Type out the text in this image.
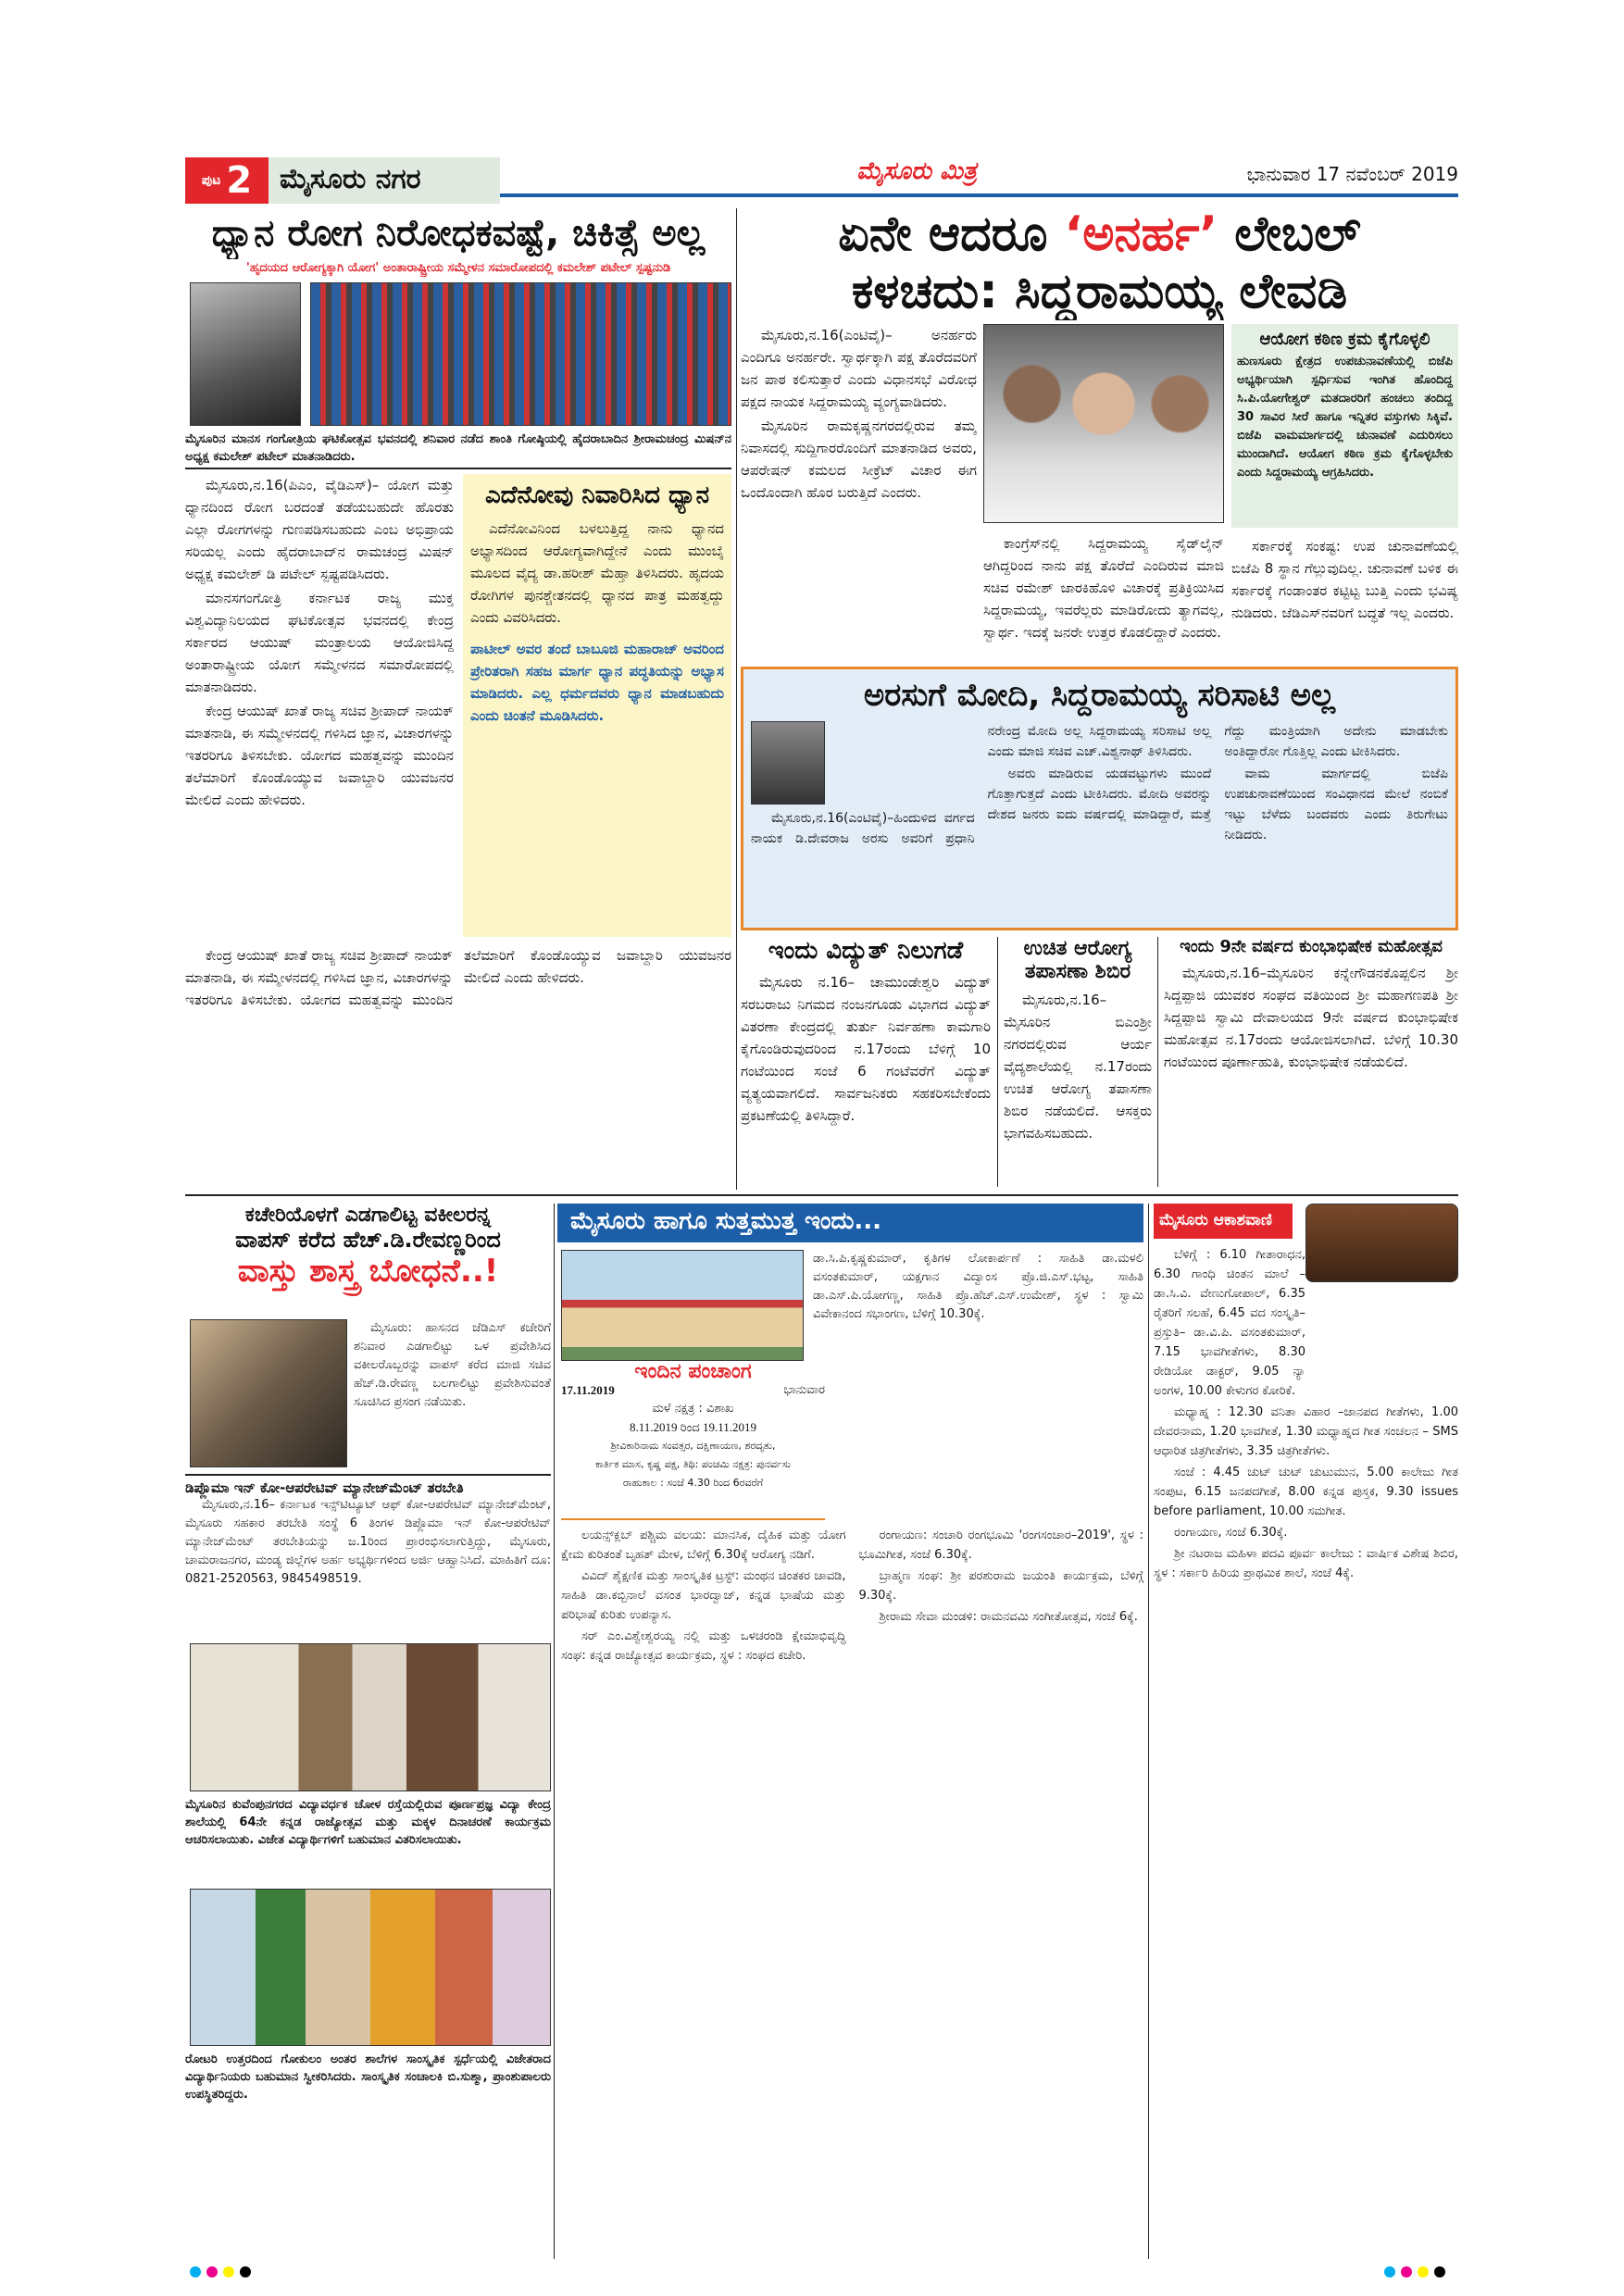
ಪುಟ 2 ಮೈಸೂರು ನಗರ	ಮೈಸೂರು ಮಿತ್ರ	ಭಾನುವಾರ 17 ನವೆಂಬರ್ 2019
ಧ್ಯಾನ ರೋಗ ನಿರೋಧಕವಷ್ಟೆ, ಚಿಕಿತ್ಸೆ ಅಲ್ಲ
'ಹೃದಯದ ಆರೋಗ್ಯಕ್ಕಾಗಿ ಯೋಗ' ಅಂತಾರಾಷ್ಟ್ರೀಯ ಸಮ್ಮೇಳನ ಸಮಾರೋಪದಲ್ಲಿ ಕಮಲೇಶ್ ಪಟೇಲ್ ಸ್ಪಷ್ಟನುಡಿ
ಮೈಸೂರಿನ ಮಾನಸ ಗಂಗೋತ್ರಿಯ ಘಟಿಕೋತ್ಸವ ಭವನದಲ್ಲಿ ಶನಿವಾರ ನಡೆದ ಶಾಂತಿ ಗೋಷ್ಠಿಯಲ್ಲಿ ಹೈದರಾಬಾದಿನ ಶ್ರೀರಾಮಚಂದ್ರ ಮಿಷನ್‌ನ ಅಧ್ಯಕ್ಷ ಕಮಲೇಶ್ ಪಟೇಲ್ ಮಾತನಾಡಿದರು.

ಮೈಸೂರು,ನ.16(ಪಿಎಂ, ವೈಡಿಎಸ್)– ಯೋಗ ಮತ್ತು ಧ್ಯಾನದಿಂದ ರೋಗ ಬರದಂತೆ ತಡೆಯಬಹುದೇ ಹೊರತು ಎಲ್ಲಾ ರೋಗಗಳನ್ನು ಗುಣಪಡಿಸಬಹುದು ಎಂಬ ಅಭಿಪ್ರಾಯ ಸರಿಯಲ್ಲ ಎಂದು ಹೈದರಾಬಾದ್‌ನ ರಾಮಚಂದ್ರ ಮಿಷನ್ ಅಧ್ಯಕ್ಷ ಕಮಲೇಶ್ ಡಿ ಪಟೇಲ್ ಸ್ಪಷ್ಟಪಡಿಸಿದರು.

ಮಾನಸಗಂಗೋತ್ರಿ ಕರ್ನಾಟಕ ರಾಜ್ಯ ಮುಕ್ತ ವಿಶ್ವವಿದ್ಯಾನಿಲಯದ ಘಟಿಕೋತ್ಸವ ಭವನದಲ್ಲಿ ಕೇಂದ್ರ ಸರ್ಕಾರದ ಆಯುಷ್ ಮಂತ್ರಾಲಯ ಆಯೋಜಿಸಿದ್ದ ಅಂತಾರಾಷ್ಟ್ರೀಯ ಯೋಗ ಸಮ್ಮೇಳನದ ಸಮಾರೋಪದಲ್ಲಿ ಮಾತನಾಡಿದರು.

ಕೇಂದ್ರ ಆಯುಷ್ ಖಾತೆ ರಾಜ್ಯ ಸಚಿವ ಶ್ರೀಪಾದ್ ನಾಯಕ್ ಮಾತನಾಡಿ, ಈ ಸಮ್ಮೇಳನದಲ್ಲಿ ಗಳಿಸಿದ ಜ್ಞಾನ, ವಿಚಾರಗಳನ್ನು ಇತರರಿಗೂ ತಿಳಿಸಬೇಕು. ಯೋಗದ ಮಹತ್ವವನ್ನು ಮುಂದಿನ ತಲೆಮಾರಿಗೆ ಕೊಂಡೊಯ್ಯುವ ಜವಾಬ್ದಾರಿ ಯುವಜನರ ಮೇಲಿದೆ ಎಂದು ಹೇಳಿದರು.

ಎದೆನೋವು ನಿವಾರಿಸಿದ ಧ್ಯಾನ
ಎದೆನೋವಿನಿಂದ ಬಳಲುತ್ತಿದ್ದ ನಾನು ಧ್ಯಾನದ ಅಭ್ಯಾಸದಿಂದ ಆರೋಗ್ಯವಾಗಿದ್ದೇನೆ ಎಂದು ಮುಂಬೈ ಮೂಲದ ವೈದ್ಯ ಡಾ.ಹರೀಶ್ ಮೆಹ್ತಾ ತಿಳಿಸಿದರು. ಹೃದಯ ರೋಗಿಗಳ ಪುನಶ್ಚೇತನದಲ್ಲಿ ಧ್ಯಾನದ ಪಾತ್ರ ಮಹತ್ವದ್ದು ಎಂದು ವಿವರಿಸಿದರು.
ಪಾಟೀಲ್ ಅವರ ತಂದೆ ಬಾಬೂಜಿ ಮಹಾರಾಜ್ ಅವರಿಂದ ಪ್ರೇರಿತರಾಗಿ ಸಹಜ ಮಾರ್ಗ ಧ್ಯಾನ ಪದ್ಧತಿಯನ್ನು ಅಭ್ಯಾಸ ಮಾಡಿದರು. ಎಲ್ಲ ಧರ್ಮದವರು ಧ್ಯಾನ ಮಾಡಬಹುದು ಎಂದು ಚಿಂತನೆ ಮೂಡಿಸಿದರು.
ಕೇಂದ್ರ ಆಯುಷ್ ಖಾತೆ ರಾಜ್ಯ ಸಚಿವ ಶ್ರೀಪಾದ್ ನಾಯಕ್ ಮಾತನಾಡಿ, ಈ ಸಮ್ಮೇಳನದಲ್ಲಿ ಗಳಿಸಿದ ಜ್ಞಾನ, ವಿಚಾರಗಳನ್ನು ಇತರರಿಗೂ ತಿಳಿಸಬೇಕು. ಯೋಗದ ಮಹತ್ವವನ್ನು ಮುಂದಿನ ತಲೆಮಾರಿಗೆ ಕೊಂಡೊಯ್ಯುವ ಜವಾಬ್ದಾರಿ ಯುವಜನರ ಮೇಲಿದೆ ಎಂದು ಹೇಳಿದರು.
ಏನೇ ಆದರೂ ‘ಅನರ್ಹ’ ಲೇಬಲ್
ಕಳಚದು: ಸಿದ್ದರಾಮಯ್ಯ ಲೇವಡಿ

ಮೈಸೂರು,ನ.16(ಎಂಟಿವೈ)– ಅನರ್ಹರು ಎಂದಿಗೂ ಅನರ್ಹರೇ. ಸ್ವಾರ್ಥಕ್ಕಾಗಿ ಪಕ್ಷ ತೊರೆದವರಿಗೆ ಜನ ಪಾಠ ಕಲಿಸುತ್ತಾರೆ ಎಂದು ವಿಧಾನಸಭೆ ವಿರೋಧ ಪಕ್ಷದ ನಾಯಕ ಸಿದ್ದರಾಮಯ್ಯ ವ್ಯಂಗ್ಯವಾಡಿದರು.

ಮೈಸೂರಿನ ರಾಮಕೃಷ್ಣನಗರದಲ್ಲಿರುವ ತಮ್ಮ ನಿವಾಸದಲ್ಲಿ ಸುದ್ದಿಗಾರರೊಂದಿಗೆ ಮಾತನಾಡಿದ ಅವರು, ಆಪರೇಷನ್ ಕಮಲದ ಸೀಕ್ರೆಟ್ ವಿಚಾರ ಈಗ ಒಂದೊಂದಾಗಿ ಹೊರ ಬರುತ್ತಿದೆ ಎಂದರು.

ಆಯೋಗ ಕಠಿಣ ಕ್ರಮ ಕೈಗೊಳ್ಳಲಿ
ಹುಣಸೂರು ಕ್ಷೇತ್ರದ ಉಪಚುನಾವಣೆಯಲ್ಲಿ ಬಿಜೆಪಿ ಅಭ್ಯರ್ಥಿಯಾಗಿ ಸ್ಪರ್ಧಿಸುವ ಇಂಗಿತ ಹೊಂದಿದ್ದ ಸಿ.ಪಿ.ಯೋಗೇಶ್ವರ್ ಮತದಾರರಿಗೆ ಹಂಚಲು ತಂದಿದ್ದ 30 ಸಾವಿರ ಸೀರೆ ಹಾಗೂ ಇನ್ನಿತರ ವಸ್ತುಗಳು ಸಿಕ್ಕಿವೆ. ಬಿಜೆಪಿ ವಾಮಮಾರ್ಗದಲ್ಲಿ ಚುನಾವಣೆ ಎದುರಿಸಲು ಮುಂದಾಗಿದೆ. ಆಯೋಗ ಕಠಿಣ ಕ್ರಮ ಕೈಗೊಳ್ಳಬೇಕು ಎಂದು ಸಿದ್ದರಾಮಯ್ಯ ಆಗ್ರಹಿಸಿದರು.
ಕಾಂಗ್ರೆಸ್‌ನಲ್ಲಿ ಸಿದ್ದರಾಮಯ್ಯ ಸೈಡ್‌ಲೈನ್ ಆಗಿದ್ದರಿಂದ ನಾನು ಪಕ್ಷ ತೊರೆದೆ ಎಂದಿರುವ ಮಾಜಿ ಸಚಿವ ರಮೇಶ್ ಜಾರಕಿಹೊಳಿ ವಿಚಾರಕ್ಕೆ ಪ್ರತಿಕ್ರಿಯಿಸಿದ ಸಿದ್ದರಾಮಯ್ಯ, ಇವರೆಲ್ಲರು ಮಾಡಿರೋದು ತ್ಯಾಗವಲ್ಲ, ಸ್ವಾರ್ಥ. ಇದಕ್ಕೆ ಜನರೇ ಉತ್ತರ ಕೊಡಲಿದ್ದಾರೆ ಎಂದರು.
ಸರ್ಕಾರಕ್ಕೆ ಸಂಕಷ್ಟ: ಉಪ ಚುನಾವಣೆಯಲ್ಲಿ ಬಿಜೆಪಿ 8 ಸ್ಥಾನ ಗೆಲ್ಲುವುದಿಲ್ಲ. ಚುನಾವಣೆ ಬಳಿಕ ಈ ಸರ್ಕಾರಕ್ಕೆ ಗಂಡಾಂತರ ಕಟ್ಟಿಟ್ಟ ಬುತ್ತಿ ಎಂದು ಭವಿಷ್ಯ ನುಡಿದರು. ಜೆಡಿಎಸ್‌ನವರಿಗೆ ಬದ್ಧತೆ ಇಲ್ಲ ಎಂದರು.
ಅರಸುಗೆ ಮೋದಿ, ಸಿದ್ದರಾಮಯ್ಯ ಸರಿಸಾಟಿ ಅಲ್ಲ

ಮೈಸೂರು,ನ.16(ಎಂಟಿವೈ)–ಹಿಂದುಳಿದ ವರ್ಗದ ನಾಯಕ ಡಿ.ದೇವರಾಜ ಅರಸು ಅವರಿಗೆ ಪ್ರಧಾನಿ ನರೇಂದ್ರ ಮೋದಿ ಅಲ್ಲ ಸಿದ್ದರಾಮಯ್ಯ ಸರಿಸಾಟಿ ಅಲ್ಲ ಎಂದು ಮಾಜಿ ಸಚಿವ ಎಚ್.ವಿಶ್ವನಾಥ್ ತಿಳಿಸಿದರು.

ಅವರು ಮಾಡಿರುವ ಯಡವಟ್ಟುಗಳು ಮುಂದೆ ಗೊತ್ತಾಗುತ್ತದೆ ಎಂದು ಟೀಕಿಸಿದರು. ಮೋದಿ ಅವರನ್ನು ದೇಶದ ಜನರು ಐದು ವರ್ಷದಲ್ಲಿ ಮಾಡಿದ್ದಾರೆ, ಮತ್ತೆ ಗೆದ್ದು ಮಂತ್ರಿಯಾಗಿ ಅದೇನು ಮಾಡಬೇಕು ಅಂತಿದ್ದಾರೋ ಗೊತ್ತಿಲ್ಲ ಎಂದು ಟೀಕಿಸಿದರು.

ವಾಮ ಮಾರ್ಗದಲ್ಲಿ ಬಿಜೆಪಿ ಉಪಚುನಾವಣೆಯಿಂದ ಸಂವಿಧಾನದ ಮೇಲೆ ನಂಬಿಕೆ ಇಟ್ಟು ಬೆಳೆದು ಬಂದವರು ಎಂದು ತಿರುಗೇಟು ನೀಡಿದರು.

ಇಂದು ವಿದ್ಯುತ್ ನಿಲುಗಡೆ
ಮೈಸೂರು ನ.16– ಚಾಮುಂಡೇಶ್ವರಿ ವಿದ್ಯುತ್ ಸರಬರಾಜು ನಿಗಮದ ನಂಜನಗೂಡು ವಿಭಾಗದ ವಿದ್ಯುತ್ ವಿತರಣಾ ಕೇಂದ್ರದಲ್ಲಿ ತುರ್ತು ನಿರ್ವಹಣಾ ಕಾಮಗಾರಿ ಕೈಗೊಂಡಿರುವುದರಿಂದ ನ.17ರಂದು ಬೆಳಿಗ್ಗೆ 10 ಗಂಟೆಯಿಂದ ಸಂಜೆ 6 ಗಂಟೆವರೆಗೆ ವಿದ್ಯುತ್ ವ್ಯತ್ಯಯವಾಗಲಿದೆ. ಸಾರ್ವಜನಿಕರು ಸಹಕರಿಸಬೇಕೆಂದು ಪ್ರಕಟಣೆಯಲ್ಲಿ ತಿಳಿಸಿದ್ದಾರೆ.
ಉಚಿತ ಆರೋಗ್ಯ ತಪಾಸಣಾ ಶಿಬಿರ
ಮೈಸೂರು,ನ.16–ಮೈಸೂರಿನ ಬಿಎಂಶ್ರೀ ನಗರದಲ್ಲಿರುವ ಆರ್ಯ ವೈದ್ಯಶಾಲೆಯಲ್ಲಿ ನ.17ರಂದು ಉಚಿತ ಆರೋಗ್ಯ ತಪಾಸಣಾ ಶಿಬಿರ ನಡೆಯಲಿದೆ. ಆಸಕ್ತರು ಭಾಗವಹಿಸಬಹುದು.
ಇಂದು 9ನೇ ವರ್ಷದ ಕುಂಭಾಭಿಷೇಕ ಮಹೋತ್ಸವ
ಮೈಸೂರು,ನ.16–ಮೈಸೂರಿನ ಕನ್ನೇಗೌಡನಕೊಪ್ಪಲಿನ ಶ್ರೀ ಸಿದ್ದಪ್ಪಾಜಿ ಯುವಕರ ಸಂಘದ ವತಿಯಿಂದ ಶ್ರೀ ಮಹಾಗಣಪತಿ ಶ್ರೀ ಸಿದ್ದಪ್ಪಾಜಿ ಸ್ವಾಮಿ ದೇವಾಲಯದ 9ನೇ ವರ್ಷದ ಕುಂಭಾಭಿಷೇಕ ಮಹೋತ್ಸವ ನ.17ರಂದು ಆಯೋಜಿಸಲಾಗಿದೆ. ಬೆಳಿಗ್ಗೆ 10.30 ಗಂಟೆಯಿಂದ ಪೂರ್ಣಾಹುತಿ, ಕುಂಭಾಭಿಷೇಕ ನಡೆಯಲಿದೆ.
ಕಚೇರಿಯೊಳಗೆ ಎಡಗಾಲಿಟ್ಟ ವಕೀಲರನ್ನ
ವಾಪಸ್ ಕರೆದ ಹೆಚ್.ಡಿ.ರೇವಣ್ಣರಿಂದ
ವಾಸ್ತು ಶಾಸ್ತ್ರ ಬೋಧನೆ..!
ಮೈಸೂರು: ಹಾಸನದ ಜೆಡಿಎಸ್ ಕಚೇರಿಗೆ ಶನಿವಾರ ಎಡಗಾಲಿಟ್ಟು ಒಳ ಪ್ರವೇಶಿಸಿದ ವಕೀಲರೊಬ್ಬರನ್ನು ವಾಪಸ್ ಕರೆದ ಮಾಜಿ ಸಚಿವ ಹೆಚ್.ಡಿ.ರೇವಣ್ಣ ಬಲಗಾಲಿಟ್ಟು ಪ್ರವೇಶಿಸುವಂತೆ ಸೂಚಿಸಿದ ಪ್ರಸಂಗ ನಡೆಯಿತು.
ಡಿಪ್ಲೊಮಾ ಇನ್ ಕೋ-ಆಪರೇಟಿವ್ ಮ್ಯಾನೇಜ್‌ಮೆಂಟ್ ತರಬೇತಿ
ಮೈಸೂರು,ನ.16– ಕರ್ನಾಟಕ ಇನ್ಸ್‌ಟಿಟ್ಯೂಟ್ ಆಫ್ ಕೋ-ಆಪರೇಟಿವ್ ಮ್ಯಾನೇಜ್‌ಮೆಂಟ್, ಮೈಸೂರು ಸಹಕಾರ ತರಬೇತಿ ಸಂಸ್ಥೆ 6 ತಿಂಗಳ ಡಿಪ್ಲೊಮಾ ಇನ್ ಕೋ-ಆಪರೇಟಿವ್ ಮ್ಯಾನೇಜ್‌ಮೆಂಟ್ ತರಬೇತಿಯನ್ನು ಜ.1ರಿಂದ ಪ್ರಾರಂಭಿಸಲಾಗುತ್ತಿದ್ದು, ಮೈಸೂರು, ಚಾಮರಾಜನಗರ, ಮಂಡ್ಯ ಜಿಲ್ಲೆಗಳ ಅರ್ಹ ಅಭ್ಯರ್ಥಿಗಳಿಂದ ಅರ್ಜಿ ಆಹ್ವಾನಿಸಿದೆ. ಮಾಹಿತಿಗೆ ದೂ: 0821-2520563, 9845498519.
ಮೈಸೂರಿನ ಕುವೆಂಪುನಗರದ ವಿದ್ಯಾವರ್ಧಕ ಚೋಳ ರಸ್ತೆಯಲ್ಲಿರುವ ಪೂರ್ಣಪ್ರಜ್ಞ ವಿದ್ಯಾ ಕೇಂದ್ರ ಶಾಲೆಯಲ್ಲಿ 64ನೇ ಕನ್ನಡ ರಾಜ್ಯೋತ್ಸವ ಮತ್ತು ಮಕ್ಕಳ ದಿನಾಚರಣೆ ಕಾರ್ಯಕ್ರಮ ಆಚರಿಸಲಾಯಿತು. ವಿಜೇತ ವಿದ್ಯಾರ್ಥಿಗಳಿಗೆ ಬಹುಮಾನ ವಿತರಿಸಲಾಯಿತು.
ರೋಟರಿ ಉತ್ತರದಿಂದ ಗೋಕುಲಂ ಅಂತರ ಶಾಲೆಗಳ ಸಾಂಸ್ಕೃತಿಕ ಸ್ಪರ್ಧೆಯಲ್ಲಿ ವಿಜೇತರಾದ ವಿದ್ಯಾರ್ಥಿನಿಯರು ಬಹುಮಾನ ಸ್ವೀಕರಿಸಿದರು. ಸಾಂಸ್ಕೃತಿಕ ಸಂಚಾಲಕಿ ಬಿ.ಸುಶ್ಮಾ, ಪ್ರಾಂಶುಪಾಲರು ಉಪಸ್ಥಿತರಿದ್ದರು.
ಮೈಸೂರು ಹಾಗೂ ಸುತ್ತಮುತ್ತ ಇಂದು...
ಡಾ.ಸಿ.ಪಿ.ಕೃಷ್ಣಕುಮಾರ್, ಕೃತಿಗಳ ಲೋಕಾರ್ಪಣೆ : ಸಾಹಿತಿ ಡಾ.ಮಳಲಿ ವಸಂತಕುಮಾರ್, ಯಕ್ಷಗಾನ ವಿದ್ವಾಂಸ ಪ್ರೊ.ಜಿ.ಎಸ್.ಭಟ್ಟ, ಸಾಹಿತಿ ಡಾ.ಎಸ್.ಪಿ.ಯೋಗಣ್ಣ, ಸಾಹಿತಿ ಪ್ರೊ.ಹೆಚ್.ಎಸ್.ಉಮೇಶ್, ಸ್ಥಳ : ಸ್ವಾಮಿ ವಿವೇಕಾನಂದ ಸಭಾಂಗಣ, ಬೆಳಿಗ್ಗೆ 10.30ಕ್ಕೆ.
ಇಂದಿನ ಪಂಚಾಂಗ
17.11.2019	ಭಾನುವಾರ
ಮಳೆ ನಕ್ಷತ್ರ : ವಿಶಾಖ
8.11.2019 ರಿಂದ 19.11.2019
ಶ್ರೀವಿಕಾರಿನಾಮ ಸಂವತ್ಸರ, ದಕ್ಷಿಣಾಯಣ, ಶರದೃತು,
ಕಾರ್ತಿಕ ಮಾಸ, ಕೃಷ್ಣ ಪಕ್ಷ, ತಿಥಿ: ಪಂಚಮಿ ನಕ್ಷತ್ರ: ಪುನರ್ವಸು
ರಾಹುಕಾಲ : ಸಂಜೆ 4.30 ರಿಂದ 6ರವರೆಗೆ

ಲಯನ್ಸ್‌ಕ್ಲಬ್ ಪಶ್ಚಿಮ ವಲಯ: ಮಾನಸಿಕ, ದೈಹಿಕ ಮತ್ತು ಯೋಗ ಕ್ಷೇಮ ಕುರಿತಂತೆ ಬೃಹತ್ ಮೇಳ, ಬೆಳಿಗ್ಗೆ 6.30ಕ್ಕೆ ಆರೋಗ್ಯ ನಡಿಗೆ.

ವಿವಿದ್ ಶೈಕ್ಷಣಿಕ ಮತ್ತು ಸಾಂಸ್ಕೃತಿಕ ಟ್ರಸ್ಟ್: ಮಂಥನ ಚಿಂತಕರ ಚಾವಡಿ, ಸಾಹಿತಿ ಡಾ.ಕಬ್ಬಿನಾಲೆ ವಸಂತ ಭಾರದ್ವಾಜ್, ಕನ್ನಡ ಭಾಷೆಯ ಮತ್ತು ಪರಿಭಾಷೆ ಕುರಿತು ಉಪನ್ಯಾಸ.

ಸರ್ ಎಂ.ವಿಶ್ವೇಶ್ವರಯ್ಯ ನಲ್ಲಿ ಮತ್ತು ಒಳಚರಂಡಿ ಕ್ಷೇಮಾಭಿವೃದ್ಧಿ ಸಂಘ: ಕನ್ನಡ ರಾಜ್ಯೋತ್ಸವ ಕಾರ್ಯಕ್ರಮ, ಸ್ಥಳ : ಸಂಘದ ಕಚೇರಿ.

ರಂಗಾಯಣ: ಸಂಚಾರಿ ರಂಗಭೂಮಿ 'ರಂಗಸಂಚಾರ–2019', ಸ್ಥಳ : ಭೂಮಿಗೀತ, ಸಂಜೆ 6.30ಕ್ಕೆ.

ಬ್ರಾಹ್ಮಣ ಸಂಘ: ಶ್ರೀ ಪರಶುರಾಮ ಜಯಂತಿ ಕಾರ್ಯಕ್ರಮ, ಬೆಳಿಗ್ಗೆ 9.30ಕ್ಕೆ.

ಶ್ರೀರಾಮ ಸೇವಾ ಮಂಡಳಿ: ರಾಮನವಮಿ ಸಂಗೀತೋತ್ಸವ, ಸಂಜೆ 6ಕ್ಕೆ.

ಮೈಸೂರು ಆಕಾಶವಾಣಿ

ಬೆಳಿಗ್ಗೆ : 6.10 ಗೀತಾರಾಧನ, 6.30 ಗಾಂಧಿ ಚಿಂತನ ಮಾಲೆ – ಡಾ.ಸಿ.ವಿ. ವೇಣುಗೋಪಾಲ್, 6.35 ರೈತರಿಗೆ ಸಲಹೆ, 6.45 ವದ ಸಂಸ್ಕೃತಿ– ಪ್ರಸ್ತುತಿ– ಡಾ.ವಿ.ಪಿ. ವಸಂತಕುಮಾರ್, 7.15 ಭಾವಗೀತೆಗಳು, 8.30 ರೇಡಿಯೋ ಡಾಕ್ಟರ್, 9.05 ನ್ಯಾ ಅಂಗಳ, 10.00 ಕೇಳುಗರ ಕೋರಿಕೆ.

ಮಧ್ಯಾಹ್ನ : 12.30 ವನಿತಾ ವಿಹಾರ –ಜಾನಪದ ಗೀತೆಗಳು, 1.00 ದೇವರನಾಮ, 1.20 ಭಾವಗೀತೆ, 1.30 ಮಧ್ಯಾಹ್ನದ ಗೀತ ಸಂಚಲನ – SMS ಆಧಾರಿತ ಚಿತ್ರಗೀತೆಗಳು, 3.35 ಚಿತ್ರಗೀತೆಗಳು.

ಸಂಜೆ : 4.45 ಚುಟ್ ಚುಟ್ ಚುಟುಮುನ, 5.00 ಕಾಲೇಜು ಗೀತ ಸಂಪುಟ, 6.15 ಜನಪದಗೀತೆ, 8.00 ಕನ್ನಡ ಪುಸ್ತಕ, 9.30 issues before parliament, 10.00 ಸಮಗೀತ.

ರಂಗಾಯಣ, ಸಂಜೆ 6.30ಕ್ಕೆ.

ಶ್ರೀ ನಟರಾಜ ಮಹಿಳಾ ಪದವಿ ಪೂರ್ವ ಕಾಲೇಜು : ವಾರ್ಷಿಕ ವಿಶೇಷ ಶಿಬಿರ, ಸ್ಥಳ : ಸರ್ಕಾರಿ ಹಿರಿಯ ಪ್ರಾಥಮಿಕ ಶಾಲೆ, ಸಂಜೆ 4ಕ್ಕೆ.
